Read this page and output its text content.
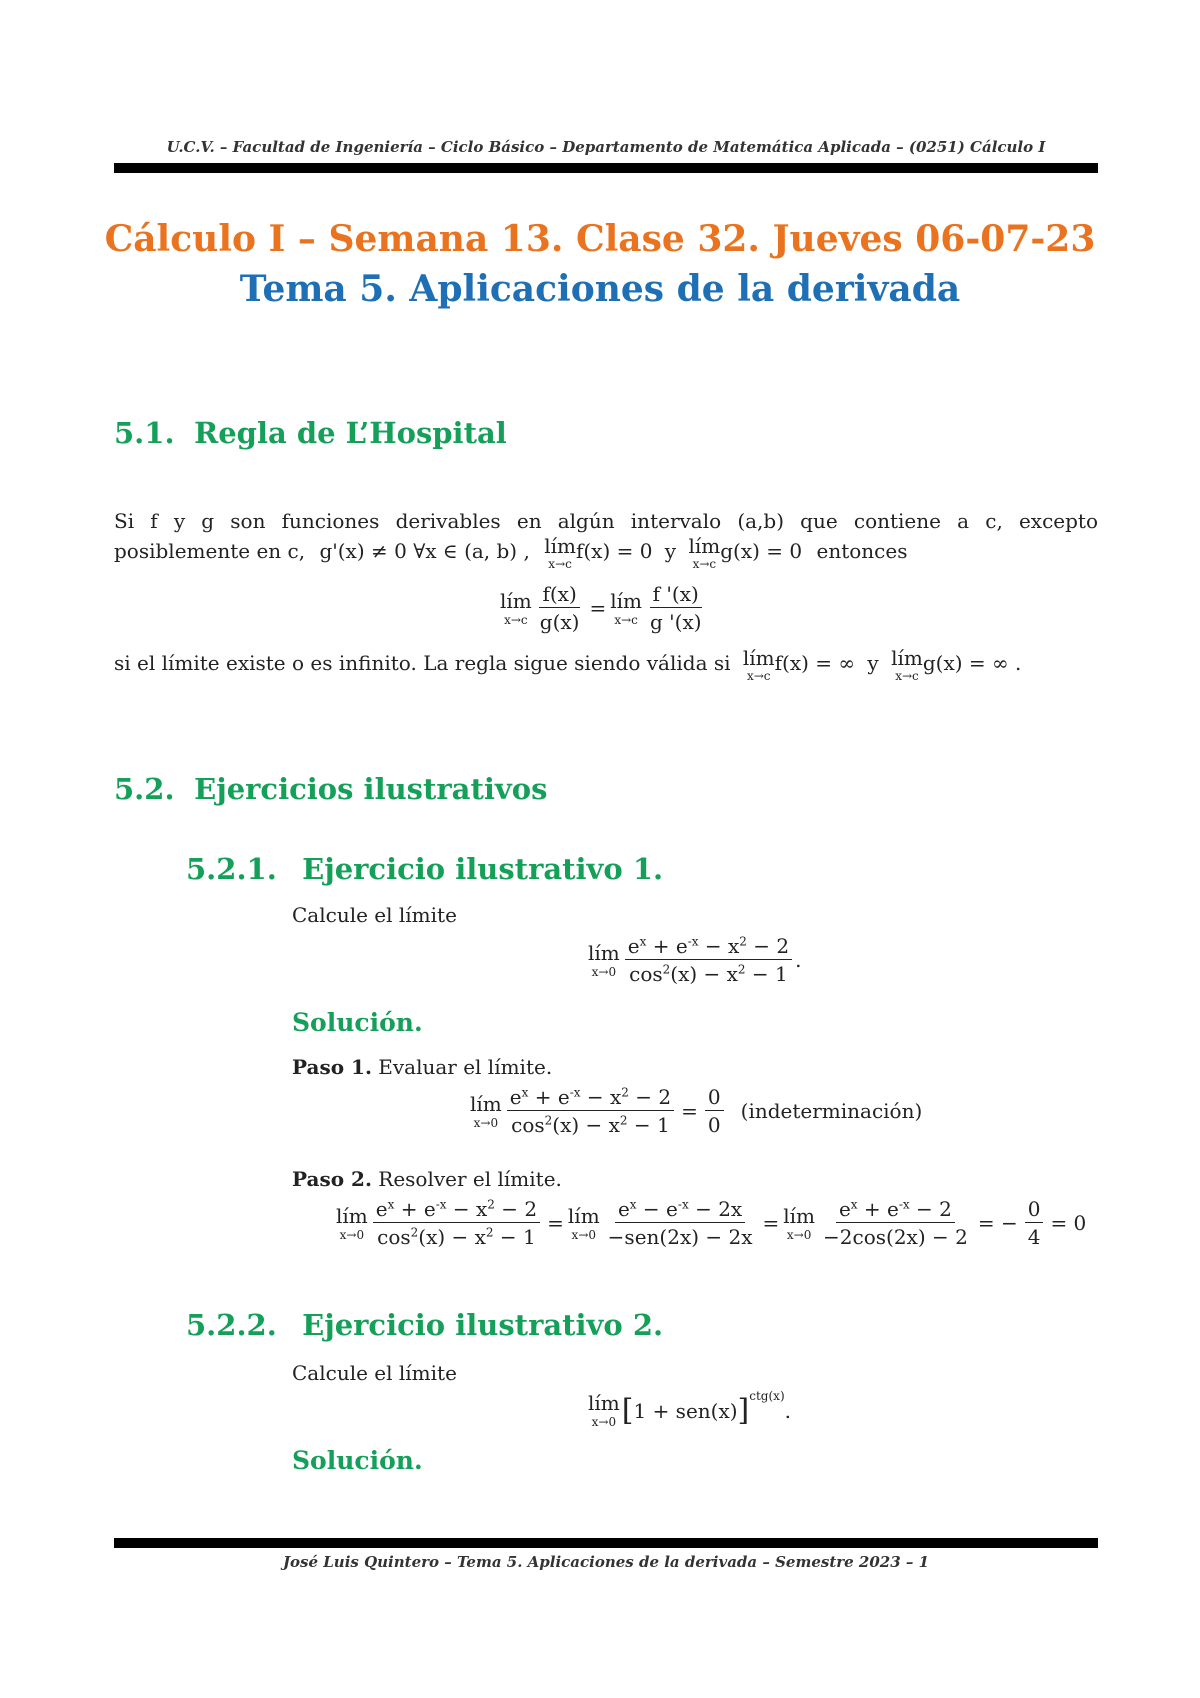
U.C.V. – Facultad de Ingeniería – Ciclo Básico – Departamento de Matemática Aplicada – (0251) Cálculo I
Cálculo I – Semana 13. Clase 32. Jueves 06-07-23
Tema 5. Aplicaciones de la derivada
5.1. Regla de L’Hospital
Si f y g son funciones derivables en algún intervalo (a,b) que contiene a c, excepto
posiblemente en c, g'(x) ≠ 0 ∀x ∈ (a, b) , lím
x→c
f(x) = 0 y lím
x→c
g(x) = 0 entonces
lím
$x\to c \frac{f(x)}{g(x)}$ = lím
$x\to c \frac{f '(x)}{g '(x)}$
si el límite existe o es infinito. La regla sigue siendo válida si lím
x→c
f(x) = ∞ y lím
x→c
g(x) = ∞ .
5.2. Ejercicios ilustrativos
5.2.1. Ejercicio ilustrativo 1.
Calcule el límite
lím
$x\to 0 \frac{e^x + e^{-x} - x^2 - 2}{\cos^2(x) - x^2 - 1}$ .
Solución.
Paso 1. Evaluar el límite.
lím
$x\to 0 \frac{e^x + e^{-x} - x^2 - 2}{\cos^2(x) - x^2 - 1} = \frac{0}{0}$ (indeterminación)
Paso 2. Resolver el límite.
lím
$x\to 0 \frac{e^x + e^{-x} - x^2 - 2}{\cos^2(x) - x^2 - 1}$ = lím
$x\to 0 \frac{e^x - e^{-x} - 2x}{\text{−sen(2x) − 2x}}$ = lím
$x\to 0 \frac{e^x + e^{-x} - 2}{-2\cos(2x) - 2}$ = − $\frac{0}{4} = 0$
5.2.2. Ejercicio ilustrativo 2.
Calcule el límite
lím
x→0 [ 1 + sen(x) ]$^{ctg(x)}$
.
Solución.
José Luis Quintero – Tema 5. Aplicaciones de la derivada – Semestre 2023 – 1
